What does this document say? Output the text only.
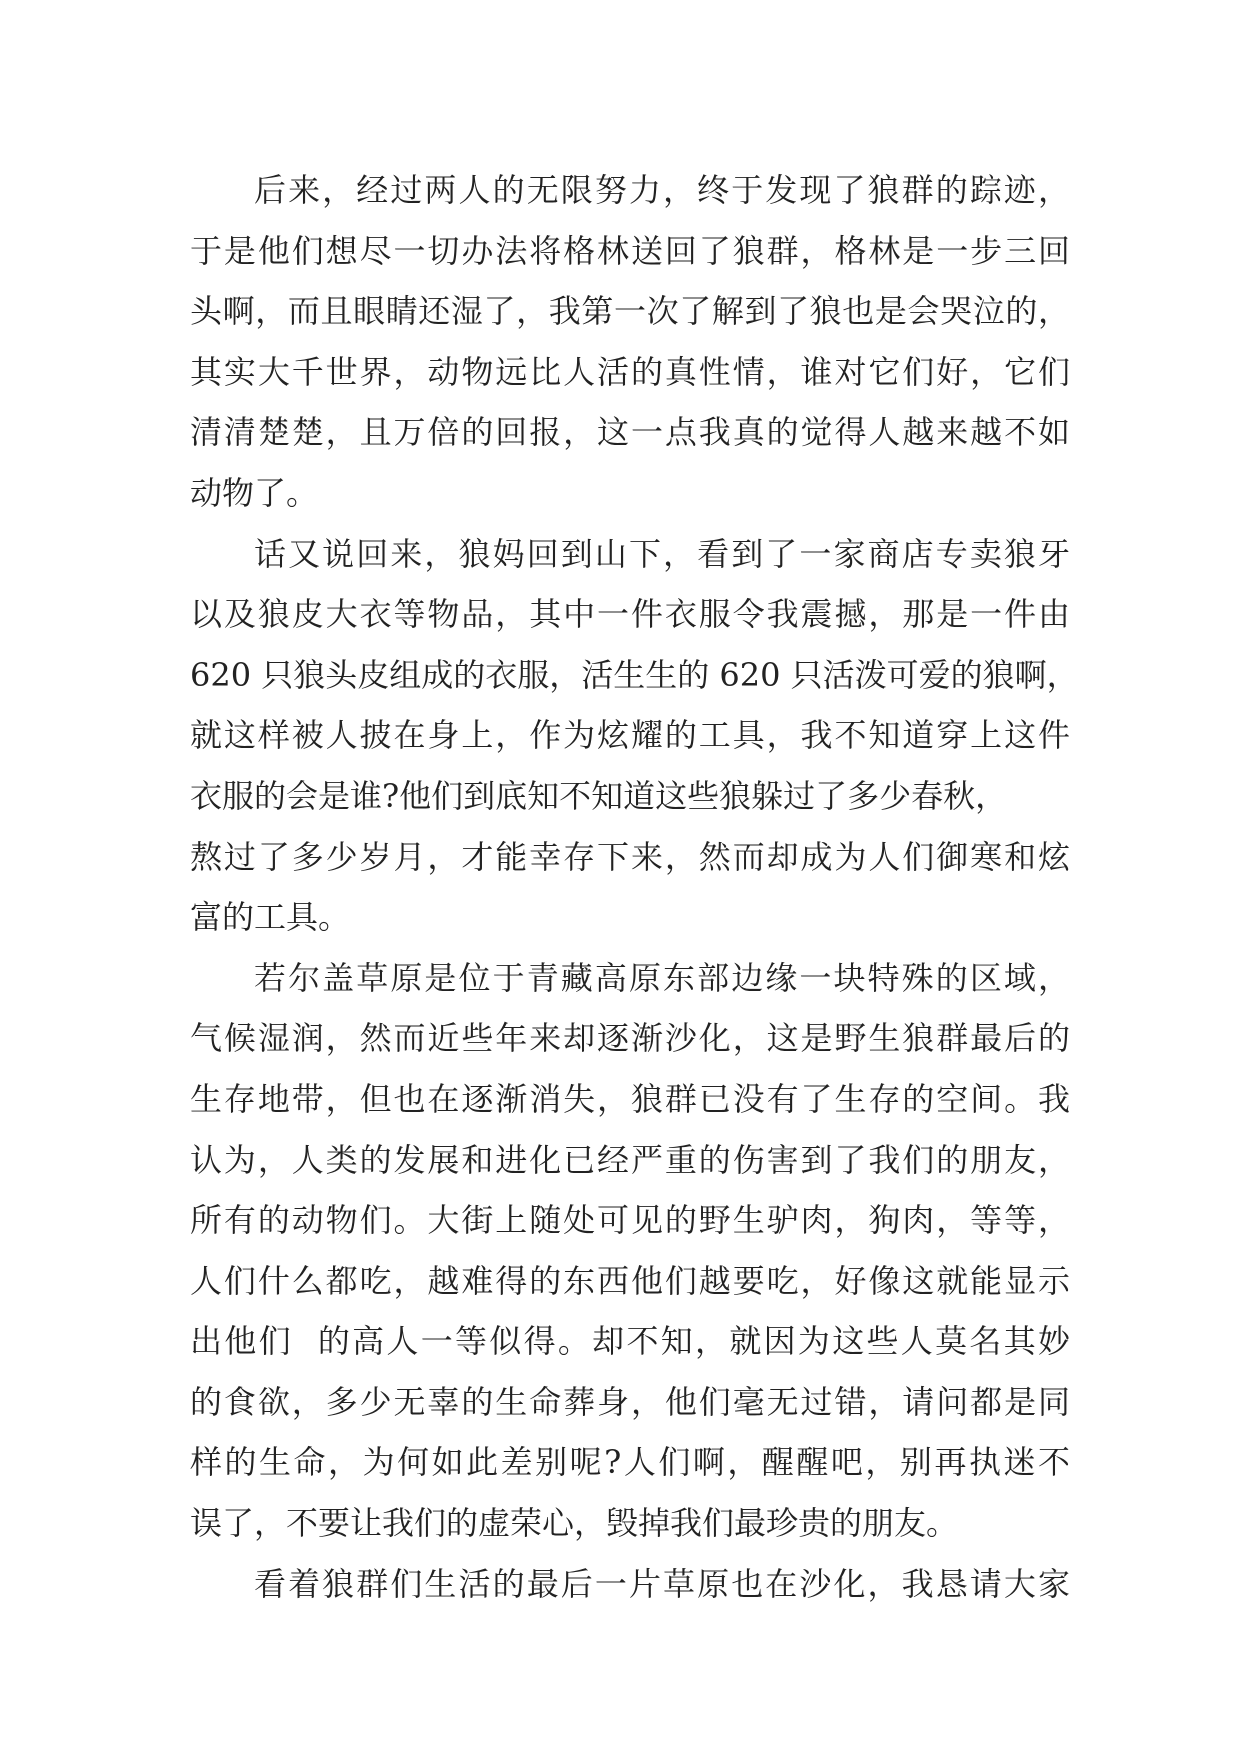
后来，经过两人的无限努力，终于发现了狼群的踪迹，
于是他们想尽一切办法将格林送回了狼群，格林是一步三回
头啊，而且眼睛还湿了，我第一次了解到了狼也是会哭泣的，
其实大千世界，动物远比人活的真性情，谁对它们好，它们
清清楚楚，且万倍的回报，这一点我真的觉得人越来越不如
动物了。
话又说回来，狼妈回到山下，看到了一家商店专卖狼牙
以及狼皮大衣等物品，其中一件衣服令我震撼，那是一件由
620 只狼头皮组成的衣服，活生生的 620 只活泼可爱的狼啊，
就这样被人披在身上，作为炫耀的工具，我不知道穿上这件
衣服的会是谁?他们到底知不知道这些狼躲过了多少春秋，
熬过了多少岁月，才能幸存下来，然而却成为人们御寒和炫
富的工具。
若尔盖草原是位于青藏高原东部边缘一块特殊的区域，
气候湿润，然而近些年来却逐渐沙化，这是野生狼群最后的
生存地带，但也在逐渐消失，狼群已没有了生存的空间。我
认为，人类的发展和进化已经严重的伤害到了我们的朋友，
所有的动物们。大街上随处可见的野生驴肉，狗肉，等等，
人们什么都吃，越难得的东西他们越要吃，好像这就能显示
出他们  的高人一等似得。却不知，就因为这些人莫名其妙
的食欲，多少无辜的生命葬身，他们毫无过错，请问都是同
样的生命，为何如此差别呢?人们啊，醒醒吧，别再执迷不
误了，不要让我们的虚荣心，毁掉我们最珍贵的朋友。
看着狼群们生活的最后一片草原也在沙化，我恳请大家
